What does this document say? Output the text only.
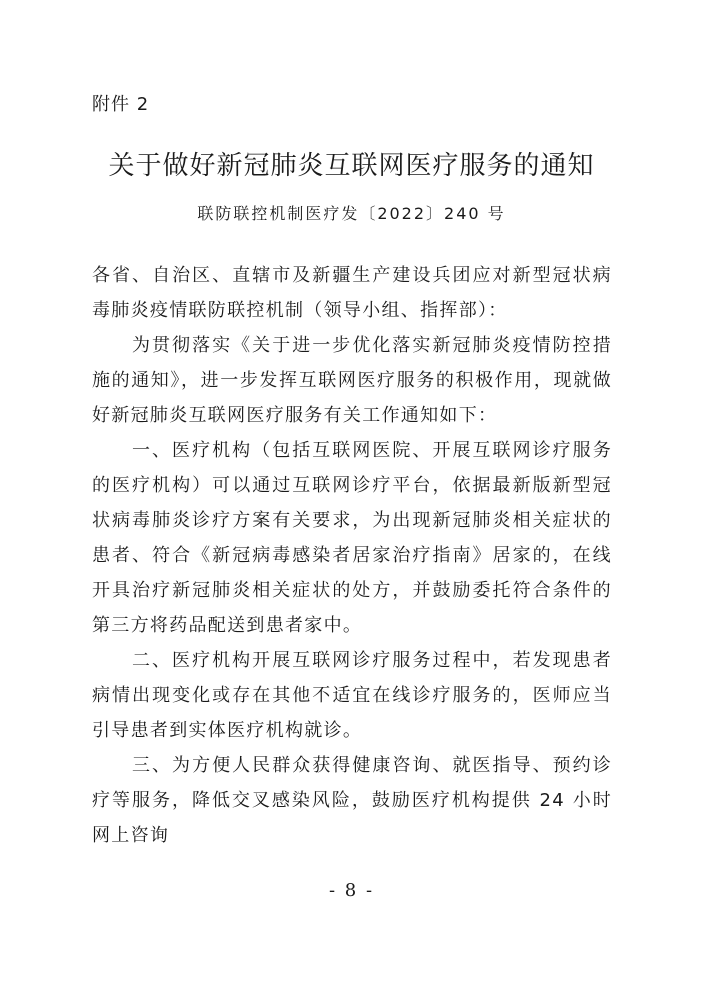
附件 2
关于做好新冠肺炎互联网医疗服务的通知
联防联控机制医疗发〔2022〕240 号

各省、自治区、直辖市及新疆生产建设兵团应对新型冠状病毒肺炎疫情联防联控机制（领导小组、指挥部）：

为贯彻落实《关于进一步优化落实新冠肺炎疫情防控措施的通知》，进一步发挥互联网医疗服务的积极作用，现就做好新冠肺炎互联网医疗服务有关工作通知如下：

一、医疗机构（包括互联网医院、开展互联网诊疗服务的医疗机构）可以通过互联网诊疗平台，依据最新版新型冠状病毒肺炎诊疗方案有关要求，为出现新冠肺炎相关症状的患者、符合《新冠病毒感染者居家治疗指南》居家的，在线开具治疗新冠肺炎相关症状的处方，并鼓励委托符合条件的第三方将药品配送到患者家中。

二、医疗机构开展互联网诊疗服务过程中，若发现患者病情出现变化或存在其他不适宜在线诊疗服务的，医师应当引导患者到实体医疗机构就诊。

三、为方便人民群众获得健康咨询、就医指导、预约诊疗等服务，降低交叉感染风险，鼓励医疗机构提供 24 小时网上咨询

- 8 -
